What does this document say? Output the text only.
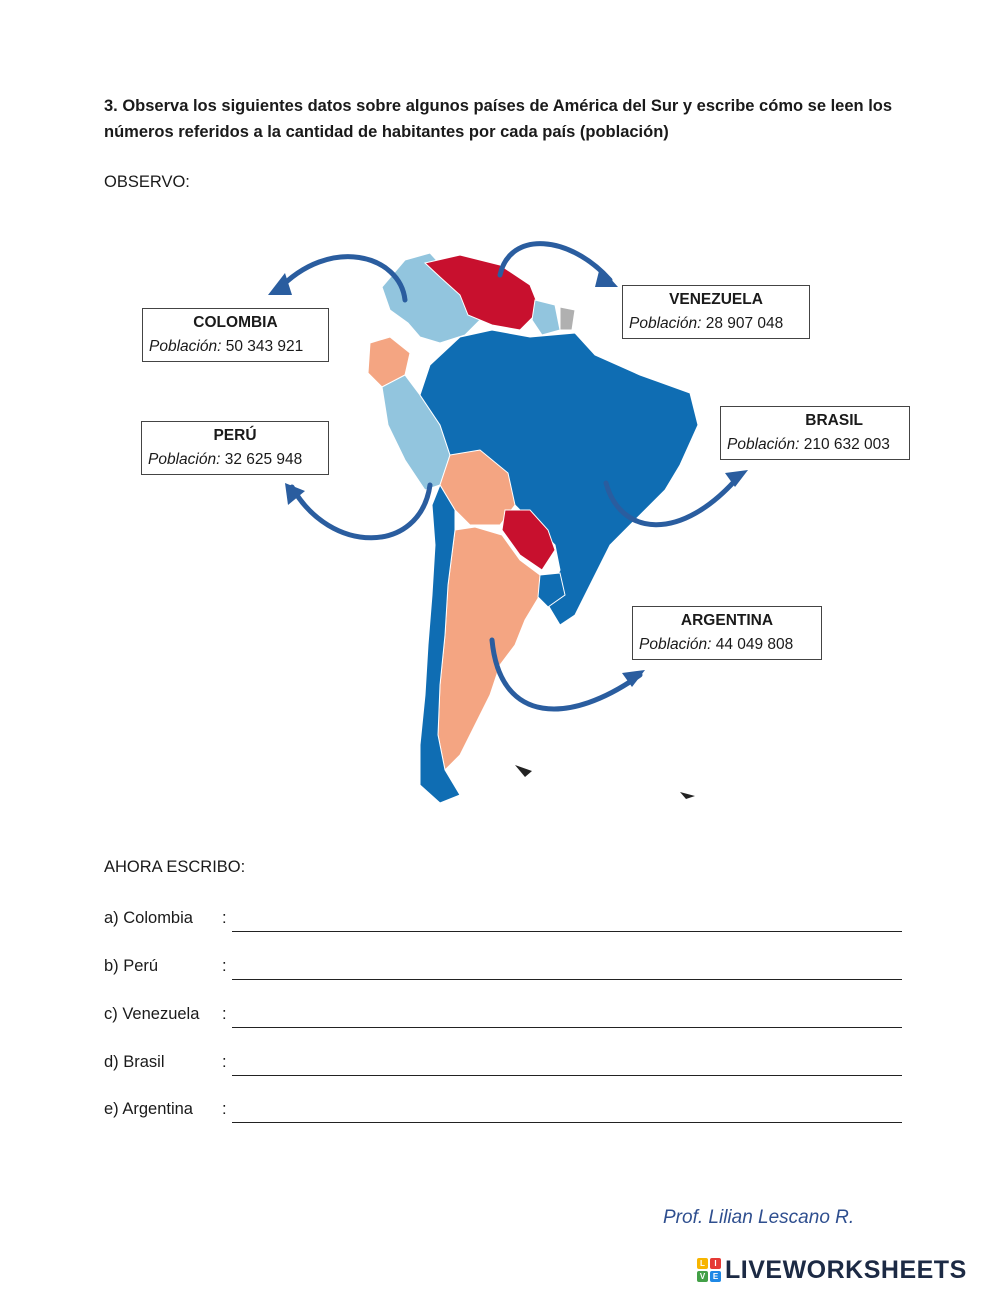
3. Observa los siguientes datos sobre algunos países de América del Sur y escribe cómo se leen los números referidos a la cantidad de habitantes por cada país (población)
OBSERVO:
COLOMBIA
Población: 50 343 921
PERÚ
Población: 32 625 948
VENEZUELA
Población: 28 907 048
BRASIL
Población: 210 632 003
ARGENTINA
Población: 44 049 808
AHORA ESCRIBO:
a) Colombia :
b) Perú	:
c) Venezuela :
d) Brasil	:
e) Argentina :
Prof. Lilian Lescano R.
L	I
V E LIVEWORKSHEETS
